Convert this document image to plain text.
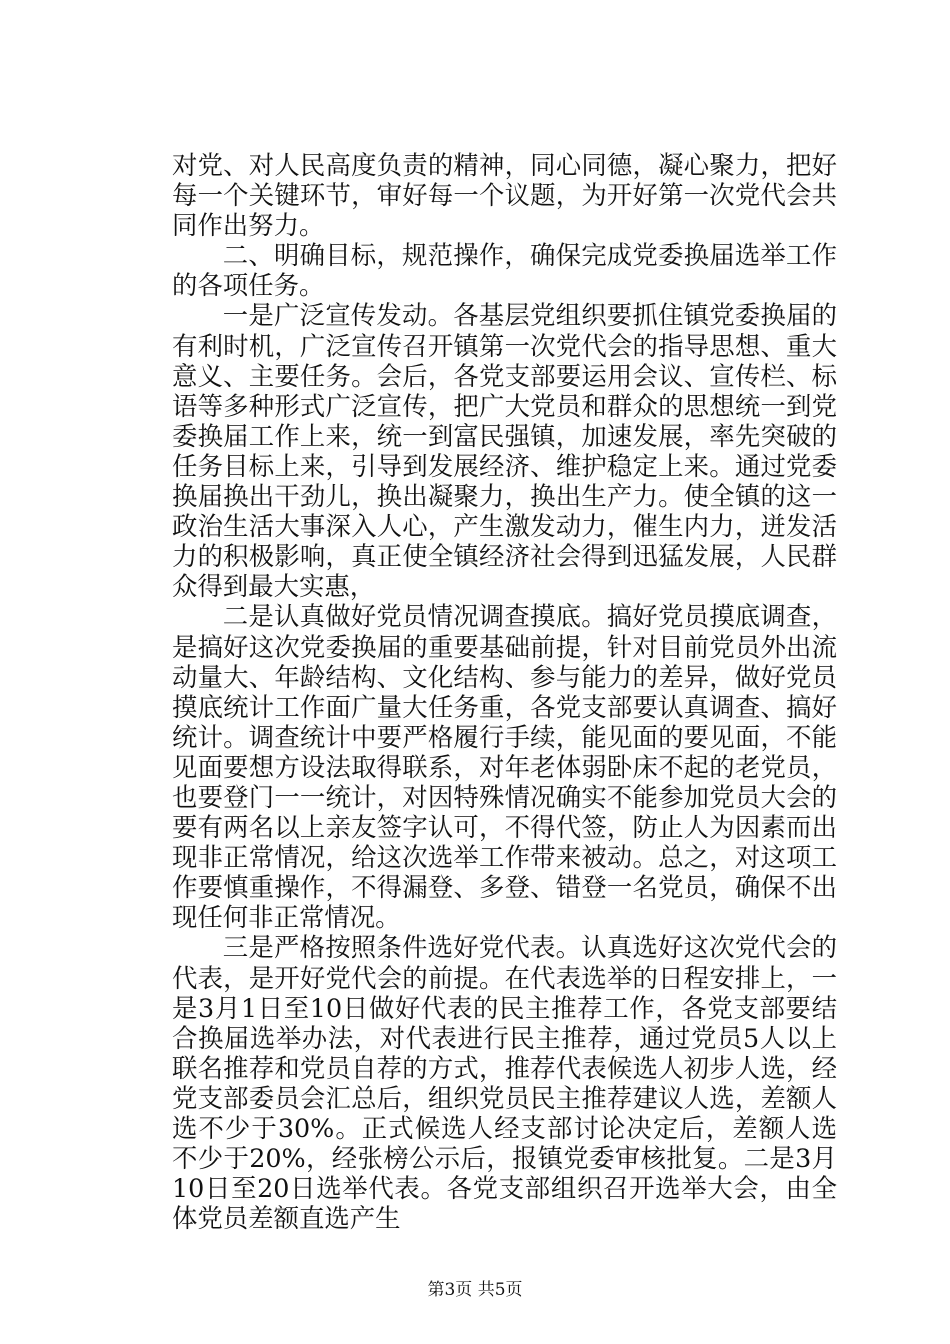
对党、对人民高度负责的精神，同心同德，凝心聚力，把好每一个关键环节，审好每一个议题，为开好第一次党代会共同作出努力。

二、明确目标，规范操作，确保完成党委换届选举工作的各项任务。

一是广泛宣传发动。各基层党组织要抓住镇党委换届的有利时机，广泛宣传召开镇第一次党代会的指导思想、重大意义、主要任务。会后，各党支部要运用会议、宣传栏、标语等多种形式广泛宣传，把广大党员和群众的思想统一到党委换届工作上来，统一到富民强镇，加速发展，率先突破的任务目标上来，引导到发展经济、维护稳定上来。通过党委换届换出干劲儿，换出凝聚力，换出生产力。使全镇的这一政治生活大事深入人心，产生激发动力，催生内力，迸发活力的积极影响，真正使全镇经济社会得到迅猛发展，人民群众得到最大实惠，

二是认真做好党员情况调查摸底。搞好党员摸底调查，是搞好这次党委换届的重要基础前提，针对目前党员外出流动量大、年龄结构、文化结构、参与能力的差异，做好党员摸底统计工作面广量大任务重，各党支部要认真调查、搞好统计。调查统计中要严格履行手续，能见面的要见面，不能见面要想方设法取得联系，对年老体弱卧床不起的老党员，也要登门一一统计，对因特殊情况确实不能参加党员大会的要有两名以上亲友签字认可，不得代签，防止人为因素而出现非正常情况，给这次选举工作带来被动。总之，对这项工作要慎重操作，不得漏登、多登、错登一名党员，确保不出现任何非正常情况。

三是严格按照条件选好党代表。认真选好这次党代会的代表，是开好党代会的前提。在代表选举的日程安排上，一是3月1日至10日做好代表的民主推荐工作，各党支部要结合换届选举办法，对代表进行民主推荐，通过党员5人以上联名推荐和党员自荐的方式，推荐代表候选人初步人选，经党支部委员会汇总后，组织党员民主推荐建议人选，差额人选不少于30%。正式候选人经支部讨论决定后，差额人选不少于20%，经张榜公示后，报镇党委审核批复。二是3月10日至20日选举代表。各党支部组织召开选举大会，由全体党员差额直选产生

第3页 共5页
